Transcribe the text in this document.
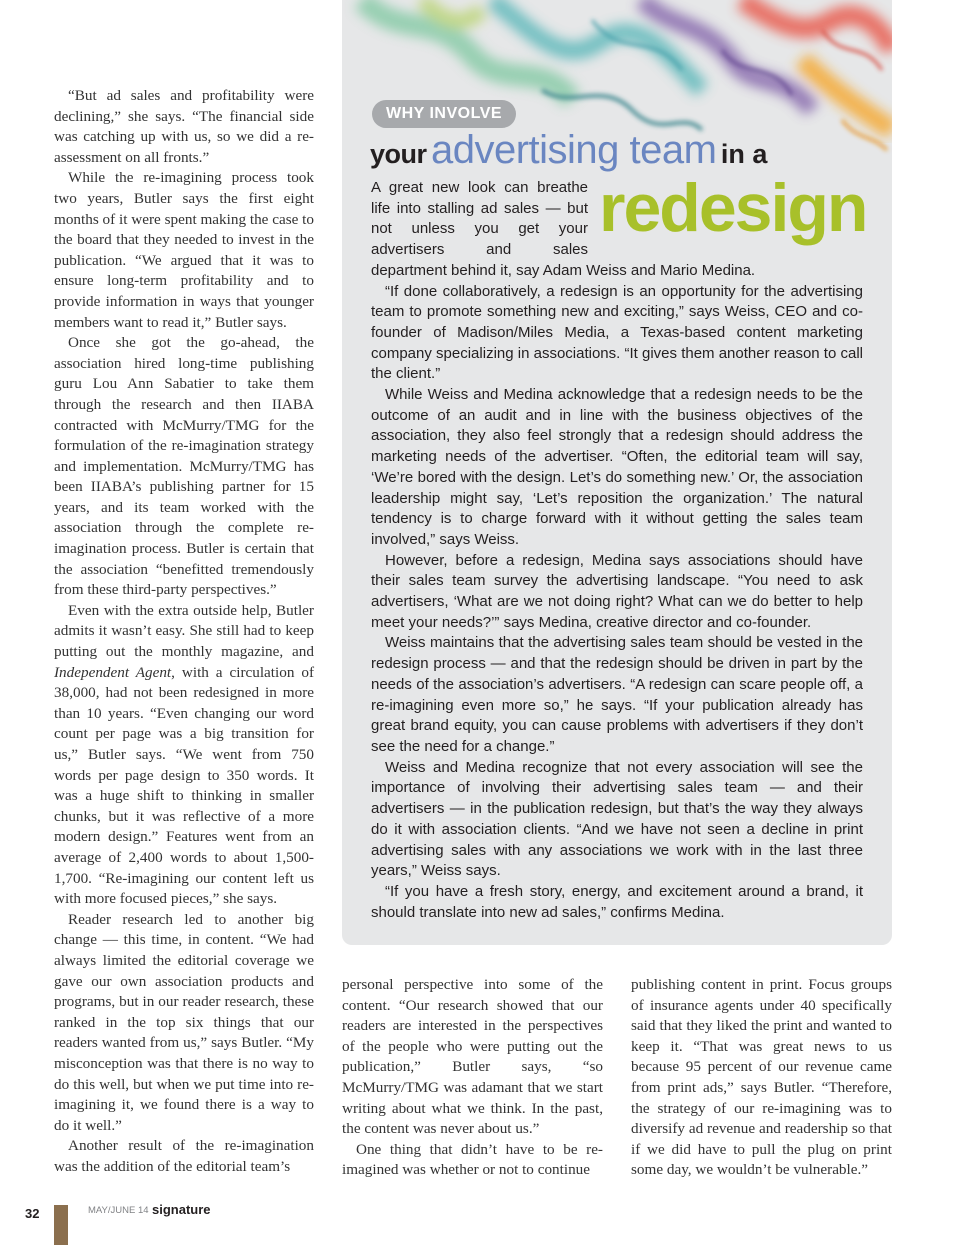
“But ad sales and profitability were declining,” she says. “The financial side was catching up with us, so we did a re-assessment on all fronts.”

While the re-imagining process took two years, Butler says the first eight months of it were spent making the case to the board that they needed to invest in the publication. “We argued that it was to ensure long-term profitability and to provide information in ways that younger members want to read it,” Butler says.

Once she got the go-ahead, the association hired long-time publishing guru Lou Ann Sabatier to take them through the research and then IIABA contracted with McMurry/TMG for the formulation of the re-imagination strategy and implementation. McMurry/TMG has been IIABA’s publishing partner for 15 years, and its team worked with the association through the complete re-imagination process. Butler is certain that the association “benefitted tremendously from these third-party perspectives.”

Even with the extra outside help, Butler admits it wasn’t easy. She still had to keep putting out the monthly magazine, and Independent Agent, with a circulation of 38,000, had not been redesigned in more than 10 years. “Even changing our word count per page was a big transition for us,” Butler says. “We went from 750 words per page design to 350 words. It was a huge shift to thinking in smaller chunks, but it was reflective of a more modern design.” Features went from an average of 2,400 words to about 1,500-1,700. “Re-imagining our content left us with more focused pieces,” she says.

Reader research led to another big change — this time, in content. “We had always limited the editorial coverage we gave our own association products and programs, but in our reader research, these ranked in the top six things that our readers wanted from us,” says Butler. “My misconception was that there is no way to do this well, but when we put time into re-imagining it, we found there is a way to do it well.”

Another result of the re-imagination was the addition of the editorial team’s

WHY INVOLVE
your advertising team in a
redesign

A great new look can breathe life into stalling ad sales — but not unless you get your advertisers and sales department behind it, say Adam Weiss and Mario Medina.

“If done collaboratively, a redesign is an opportunity for the advertising team to promote something new and exciting,” says Weiss, CEO and co-founder of Madison/Miles Media, a Texas-based content marketing company specializing in associations. “It gives them another reason to call the client.”

While Weiss and Medina acknowledge that a redesign needs to be the outcome of an audit and in line with the business objectives of the association, they also feel strongly that a redesign should address the marketing needs of the advertiser. “Often, the editorial team will say, ‘We’re bored with the design. Let’s do something new.’ Or, the association leadership might say, ‘Let’s reposition the organization.’ The natural tendency is to charge forward with it without getting the sales team involved,” says Weiss.

However, before a redesign, Medina says associations should have their sales team survey the advertising landscape. “You need to ask advertisers, ‘What are we not doing right? What can we do better to help meet your needs?’” says Medina, creative director and co-founder.

Weiss maintains that the advertising sales team should be vested in the redesign process — and that the redesign should be driven in part by the needs of the association’s advertisers. “A redesign can scare people off, a re-imagining even more so,” he says. “If your publication already has great brand equity, you can cause problems with advertisers if they don’t see the need for a change.”

Weiss and Medina recognize that not every association will see the importance of involving their advertising sales team — and their advertisers — in the publication redesign, but that’s the way they always do it with association clients. “And we have not seen a decline in print advertising sales with any associations we work with in the last three years,” Weiss says.

“If you have a fresh story, energy, and excitement around a brand, it should translate into new ad sales,” confirms Medina.

personal perspective into some of the content. “Our research showed that our readers are interested in the perspectives of the people who were putting out the publication,” Butler says, “so McMurry/TMG was adamant that we start writing about what we think. In the past, the content was never about us.”

One thing that didn’t have to be re-imagined was whether or not to continue

publishing content in print. Focus groups of insurance agents under 40 specifically said that they liked the print and wanted to keep it. “That was great news to us because 95 percent of our revenue came from print ads,” says Butler. “Therefore, the strategy of our re-imagining was to diversify ad revenue and readership so that if we did have to pull the plug on print some day, we wouldn’t be vulnerable.”

32	MAY/JUNE 14 signature
